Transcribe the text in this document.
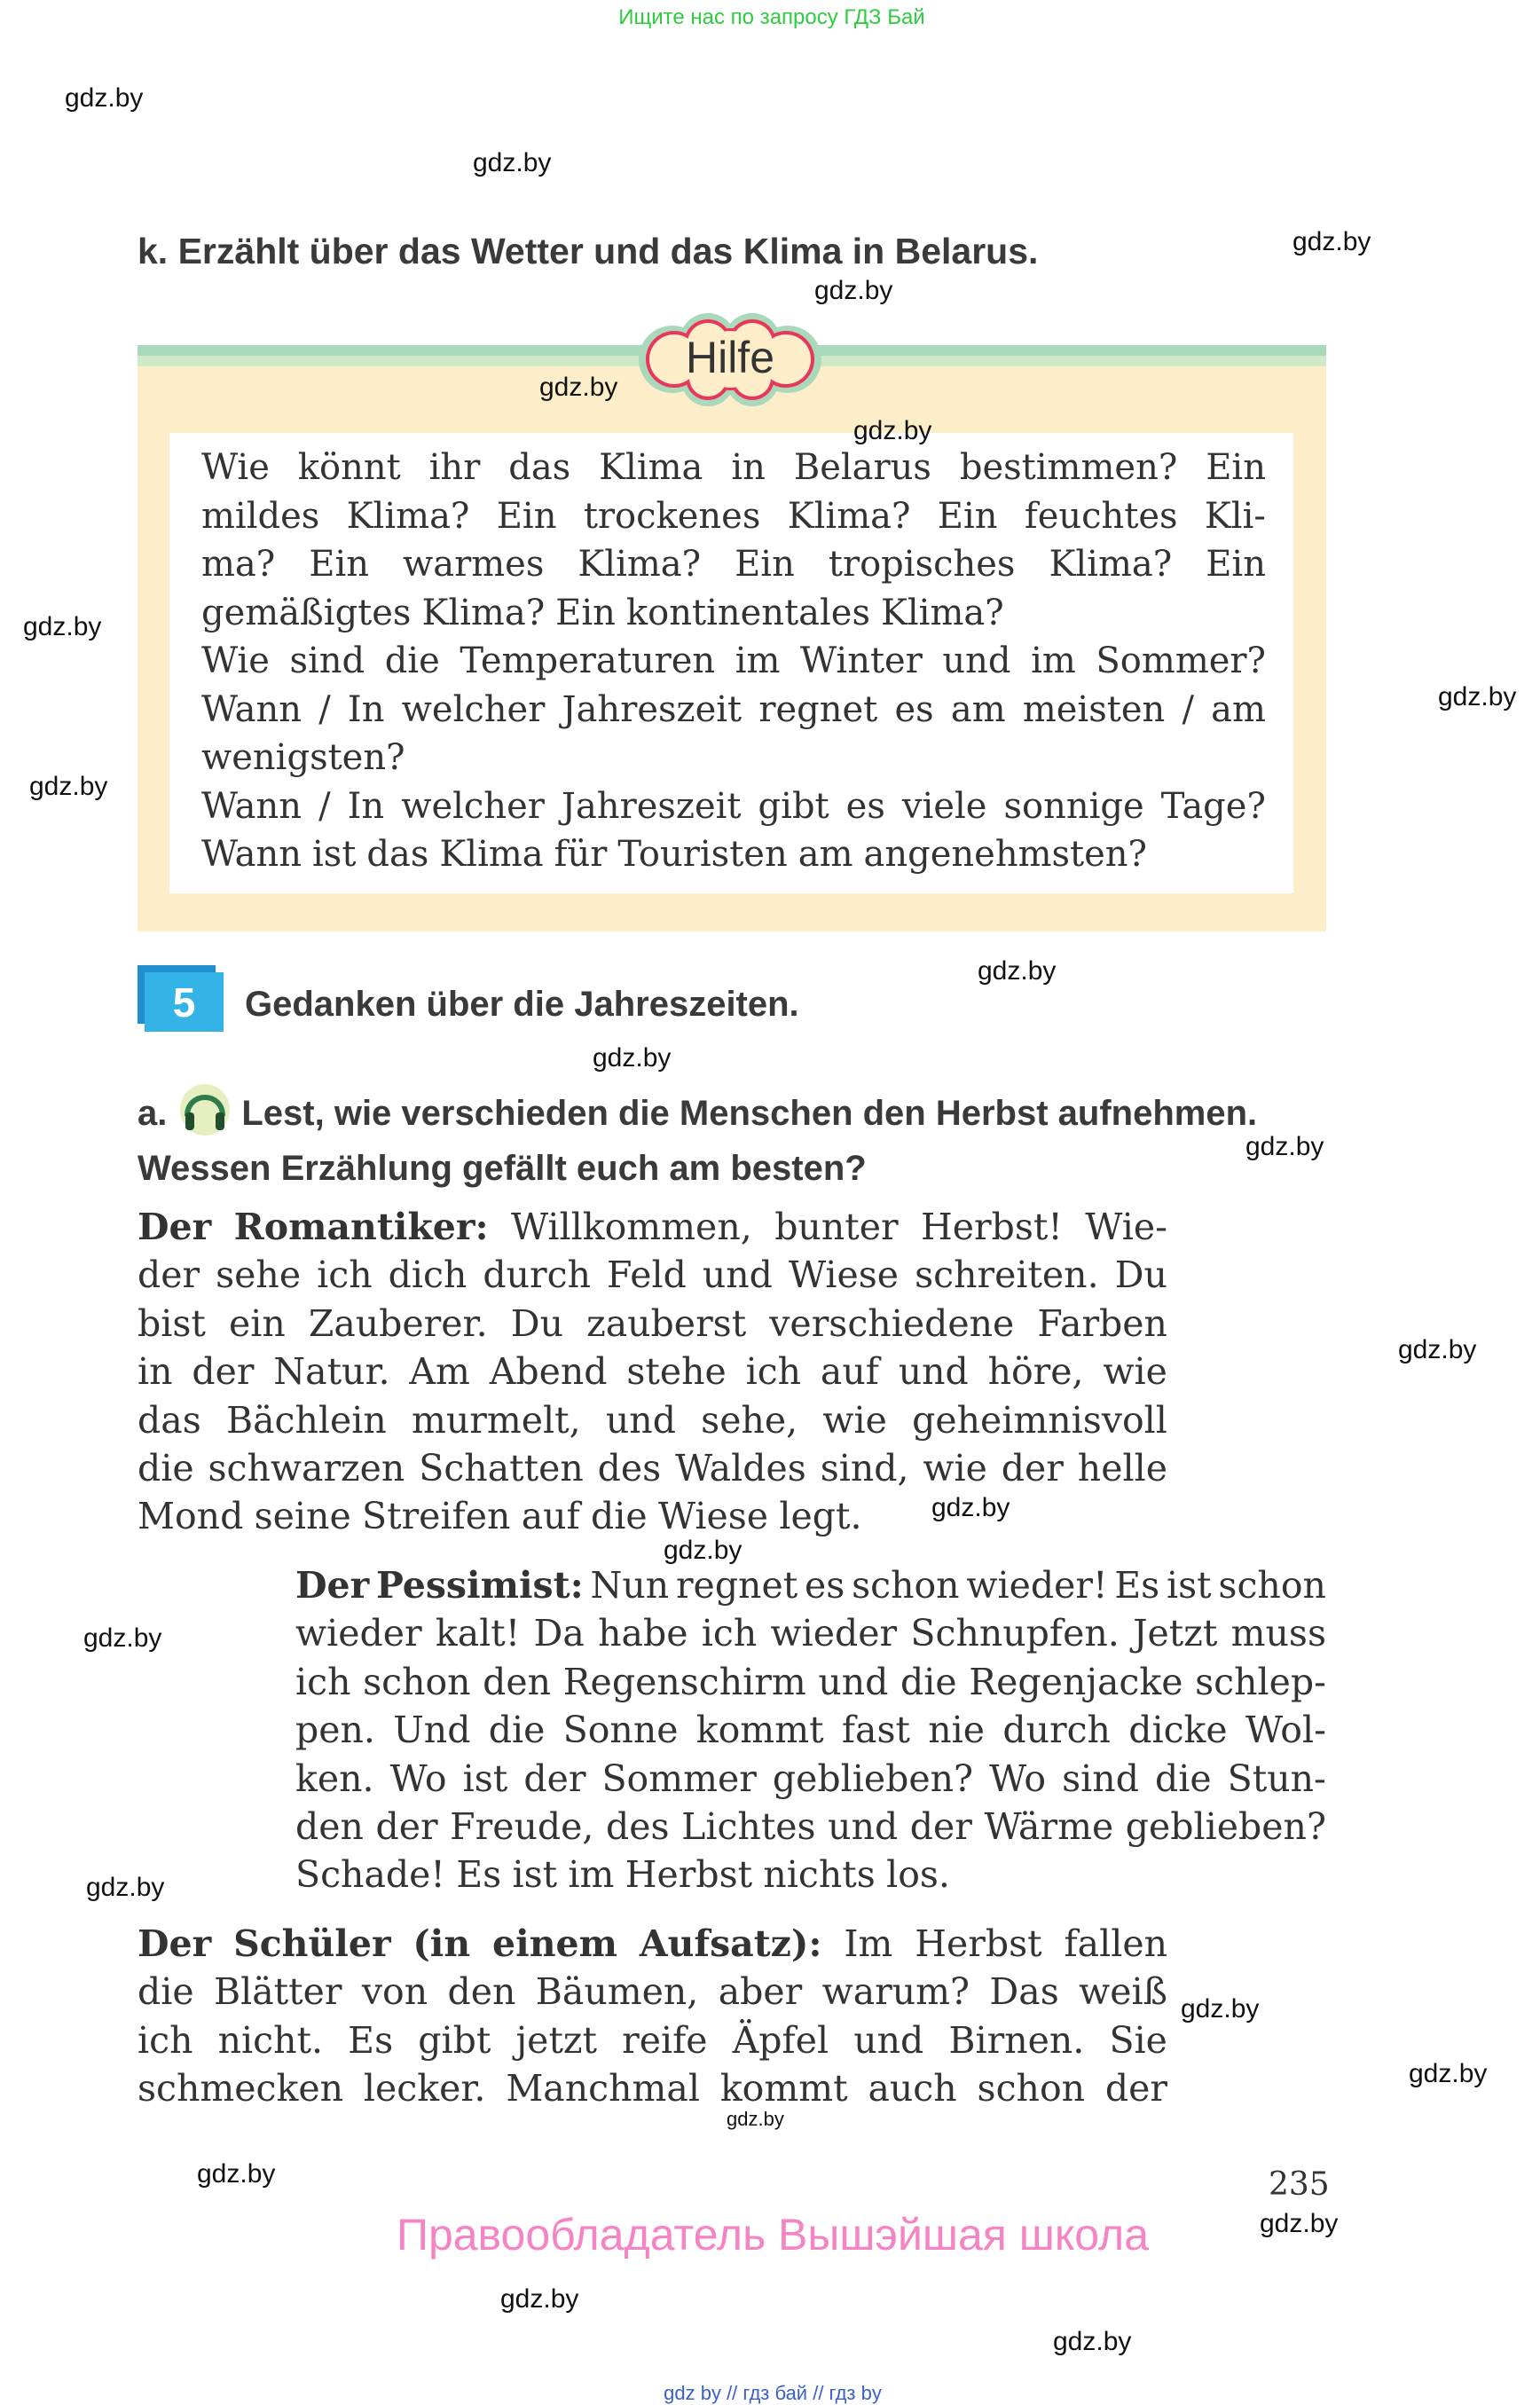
Ищите нас по запросу ГДЗ Бай
k. Erzählt über das Wetter und das Klima in Belarus.
Hilfe
Wie könnt ihr das Klima in Belarus bestimmen? Ein
mildes Klima? Ein trockenes Klima? Ein feuchtes Kli-
ma? Ein warmes Klima? Ein tropisches Klima? Ein
gemäßigtes Klima? Ein kontinentales Klima?
Wie sind die Temperaturen im Winter und im Sommer?
Wann / In welcher Jahreszeit regnet es am meisten / am
wenigsten?
Wann / In welcher Jahreszeit gibt es viele sonnige Tage?
Wann ist das Klima für Touristen am angenehmsten?
5	Gedanken über die Jahreszeiten.
a. Lest, wie verschieden die Menschen den Herbst aufnehmen.
Wessen Erzählung gefällt euch am besten?
Der Romantiker: Willkommen, bunter Herbst! Wie-
der sehe ich dich durch Feld und Wiese schreiten. Du
bist ein Zauberer. Du zauberst verschiedene Farben
in der Natur. Am Abend stehe ich auf und höre, wie
das Bächlein murmelt, und sehe, wie geheimnisvoll
die schwarzen Schatten des Waldes sind, wie der helle
Mond seine Streifen auf die Wiese legt.
Der Pessimist: Nun regnet es schon wieder! Es ist schon
wieder kalt! Da habe ich wieder Schnupfen. Jetzt muss
ich schon den Regenschirm und die Regenjacke schlep-
pen. Und die Sonne kommt fast nie durch dicke Wol-
ken. Wo ist der Sommer geblieben? Wo sind die Stun-
den der Freude, des Lichtes und der Wärme geblieben?
Schade! Es ist im Herbst nichts los.
Der Schüler (in einem Aufsatz): Im Herbst fallen
die Blätter von den Bäumen, aber warum? Das weiß
ich nicht. Es gibt jetzt reife Äpfel und Birnen. Sie
schmecken lecker. Manchmal kommt auch schon der
235
Правообладатель Вышэйшая школа
gdz by // гдз бай // гдз by
gdz.by
gdz.by
gdz.by
gdz.by
gdz.by
gdz.by
gdz.by
gdz.by
gdz.by
gdz.by
gdz.by
gdz.by
gdz.by
gdz.by
gdz.by
gdz.by
gdz.by
gdz.by
gdz.by
gdz.by
gdz.by
gdz.by
gdz.by
gdz.by
